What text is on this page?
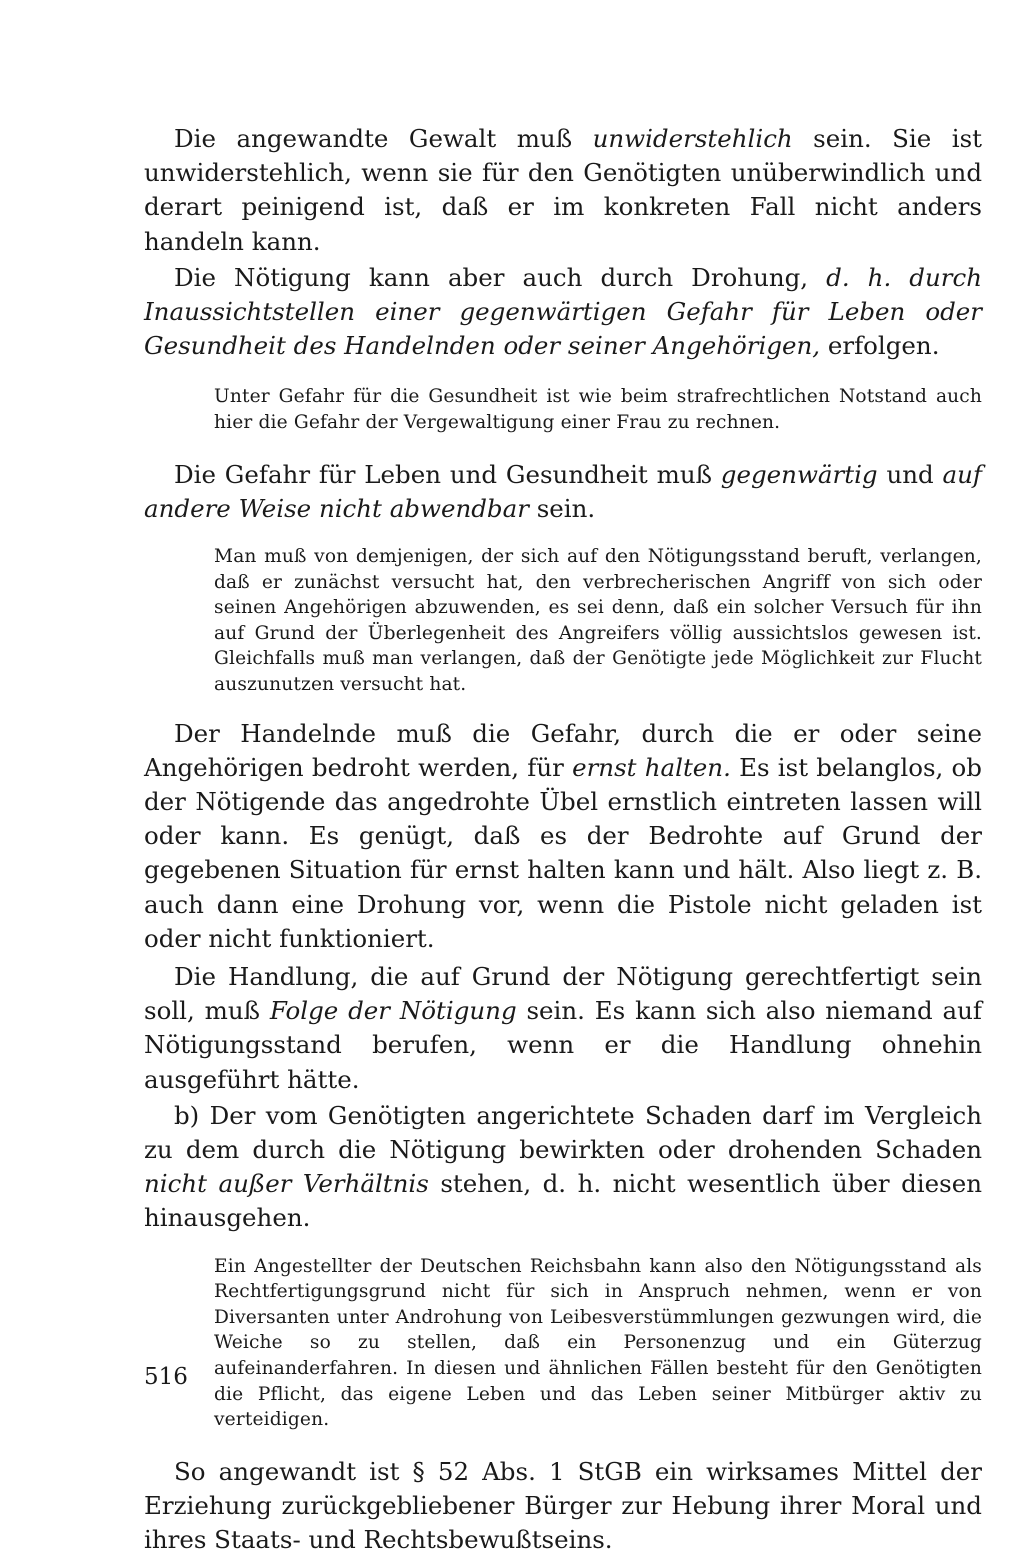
Die angewandte Gewalt muß unwiderstehlich sein. Sie ist unwiderstehlich, wenn sie für den Genötigten unüberwindlich und derart peinigend ist, daß er im konkreten Fall nicht anders handeln kann.

Die Nötigung kann aber auch durch Drohung, d. h. durch Inaussichtstellen einer gegenwärtigen Gefahr für Leben oder Gesundheit des Handelnden oder seiner Angehörigen, erfolgen.

Unter Gefahr für die Gesundheit ist wie beim strafrechtlichen Notstand auch hier die Gefahr der Vergewaltigung einer Frau zu rechnen.

Die Gefahr für Leben und Gesundheit muß gegenwärtig und auf andere Weise nicht abwendbar sein.

Man muß von demjenigen, der sich auf den Nötigungsstand beruft, verlangen, daß er zunächst versucht hat, den verbrecherischen Angriff von sich oder seinen Angehörigen abzuwenden, es sei denn, daß ein solcher Versuch für ihn auf Grund der Überlegenheit des Angreifers völlig aussichtslos gewesen ist. Gleichfalls muß man verlangen, daß der Genötigte jede Möglichkeit zur Flucht auszunutzen versucht hat.

Der Handelnde muß die Gefahr, durch die er oder seine Angehörigen bedroht werden, für ernst halten. Es ist belanglos, ob der Nötigende das angedrohte Übel ernstlich eintreten lassen will oder kann. Es genügt, daß es der Bedrohte auf Grund der gegebenen Situation für ernst halten kann und hält. Also liegt z. B. auch dann eine Drohung vor, wenn die Pistole nicht geladen ist oder nicht funktioniert.

Die Handlung, die auf Grund der Nötigung gerechtfertigt sein soll, muß Folge der Nötigung sein. Es kann sich also niemand auf Nötigungsstand berufen, wenn er die Handlung ohnehin ausgeführt hätte.

b) Der vom Genötigten angerichtete Schaden darf im Vergleich zu dem durch die Nötigung bewirkten oder drohenden Schaden nicht außer Verhältnis stehen, d. h. nicht wesentlich über diesen hinausgehen.

Ein Angestellter der Deutschen Reichsbahn kann also den Nötigungsstand als Rechtfertigungsgrund nicht für sich in Anspruch nehmen, wenn er von Diversanten unter Androhung von Leibesverstümmlungen gezwungen wird, die Weiche so zu stellen, daß ein Personenzug und ein Güterzug aufeinanderfahren. In diesen und ähnlichen Fällen besteht für den Genötigten die Pflicht, das eigene Leben und das Leben seiner Mitbürger aktiv zu verteidigen.

So angewandt ist § 52 Abs. 1 StGB ein wirksames Mittel der Erziehung zurückgebliebener Bürger zur Hebung ihrer Moral und ihres Staats- und Rechtsbewußtseins.

516
